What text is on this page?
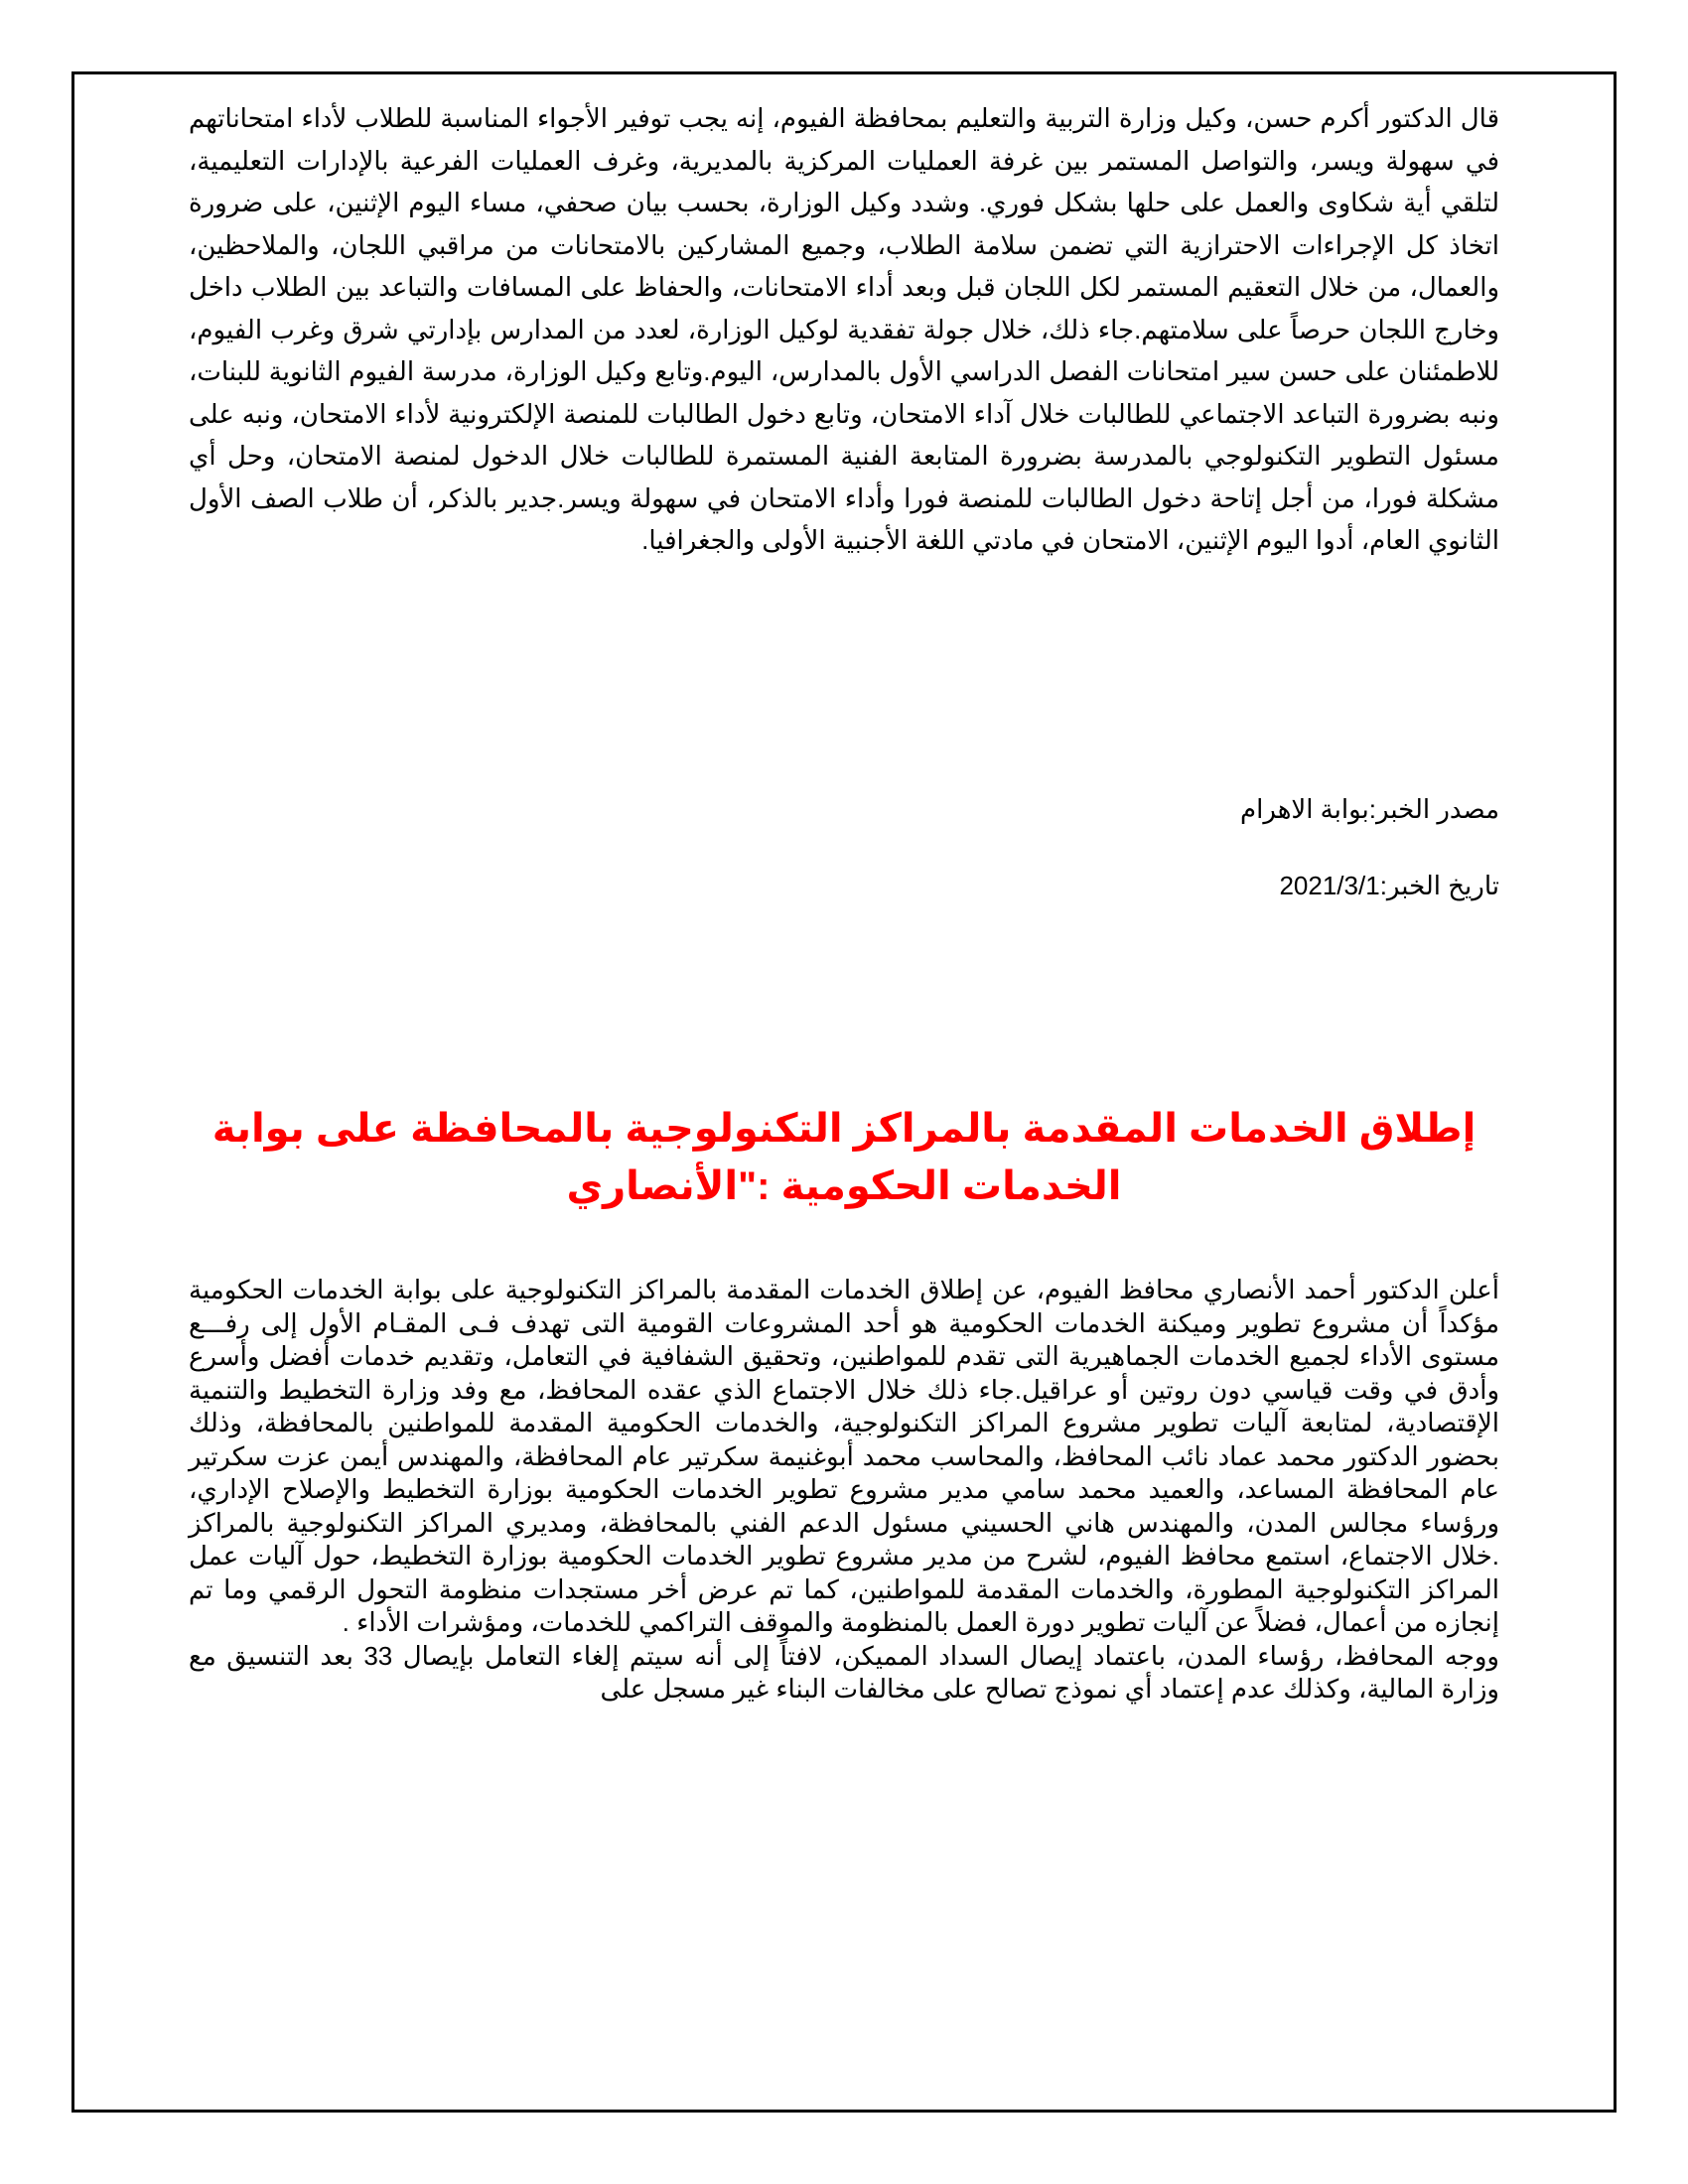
قال الدكتور أكرم حسن، وكيل وزارة التربية والتعليم بمحافظة الفيوم، إنه يجب توفير الأجواء المناسبة للطلاب لأداء امتحاناتهم في سهولة ويسر، والتواصل المستمر بين غرفة العمليات المركزية بالمديرية، وغرف العمليات الفرعية بالإدارات التعليمية، لتلقي أية شكاوى والعمل على حلها بشكل فوري. وشدد وكيل الوزارة، بحسب بيان صحفي، مساء اليوم الإثنين، على ضرورة اتخاذ كل الإجراءات الاحترازية التي تضمن سلامة الطلاب، وجميع المشاركين بالامتحانات من مراقبي اللجان، والملاحظين، والعمال، من خلال التعقيم المستمر لكل اللجان قبل وبعد أداء الامتحانات، والحفاظ على المسافات والتباعد بين الطلاب داخل وخارج اللجان حرصاً على سلامتهم.جاء ذلك، خلال جولة تفقدية لوكيل الوزارة، لعدد من المدارس بإدارتي شرق وغرب الفيوم، للاطمئنان على حسن سير امتحانات الفصل الدراسي الأول بالمدارس، اليوم.وتابع وكيل الوزارة، مدرسة الفيوم الثانوية للبنات، ونبه بضرورة التباعد الاجتماعي للطالبات خلال آداء الامتحان، وتابع دخول الطالبات للمنصة الإلكترونية لأداء الامتحان، ونبه على مسئول التطوير التكنولوجي بالمدرسة بضرورة المتابعة الفنية المستمرة للطالبات خلال الدخول لمنصة الامتحان، وحل أي مشكلة فورا، من أجل إتاحة دخول الطالبات للمنصة فورا وأداء الامتحان في سهولة ويسر.جدير بالذكر، أن طلاب الصف الأول الثانوي العام، أدوا اليوم الإثنين، الامتحان في مادتي اللغة الأجنبية الأولى والجغرافيا.

مصدر الخبر:بوابة الاهرام
تاريخ الخبر:2021/3/1
إطلاق الخدمات المقدمة بالمراكز التكنولوجية بالمحافظة على بوابة الخدمات الحكومية :"الأنصاري

أعلن الدكتور أحمد الأنصاري محافظ الفيوم، عن إطلاق الخدمات المقدمة بالمراكز التكنولوجية على بوابة الخدمات الحكومية مؤكداً أن مشروع تطوير وميكنة الخدمات الحكومية هو أحد المشروعات القومية التى تهدف فـى المقـام الأول إلى رفـــع مستوى الأداء لجميع الخدمات الجماهيرية التى تقدم للمواطنين، وتحقيق الشفافية في التعامل، وتقديم خدمات أفضل وأسرع وأدق في وقت قياسي دون روتين أو عراقيل.جاء ذلك خلال الاجتماع الذي عقده المحافظ، مع وفد وزارة التخطيط والتنمية الإقتصادية، لمتابعة آليات تطوير مشروع المراكز التكنولوجية، والخدمات الحكومية المقدمة للمواطنين بالمحافظة، وذلك بحضور الدكتور محمد عماد نائب المحافظ، والمحاسب محمد أبوغنيمة سكرتير عام المحافظة، والمهندس أيمن عزت سكرتير عام المحافظة المساعد، والعميد محمد سامي مدير مشروع تطوير الخدمات الحكومية بوزارة التخطيط والإصلاح الإداري، ورؤساء مجالس المدن، والمهندس هاني الحسيني مسئول الدعم الفني بالمحافظة، ومديري المراكز التكنولوجية بالمراكز .خلال الاجتماع، استمع محافظ الفيوم، لشرح من مدير مشروع تطوير الخدمات الحكومية بوزارة التخطيط، حول آليات عمل المراكز التكنولوجية المطورة، والخدمات المقدمة للمواطنين، كما تم عرض أخر مستجدات منظومة التحول الرقمي وما تم إنجازه من أعمال، فضلاً عن آليات تطوير دورة العمل بالمنظومة والموقف التراكمي للخدمات، ومؤشرات الأداء .

ووجه المحافظ، رؤساء المدن، باعتماد إيصال السداد المميكن، لافتاً إلى أنه سيتم إلغاء التعامل بإيصال 33 بعد التنسيق مع وزارة المالية، وكذلك عدم إعتماد أي نموذج تصالح على مخالفات البناء غير مسجل على
